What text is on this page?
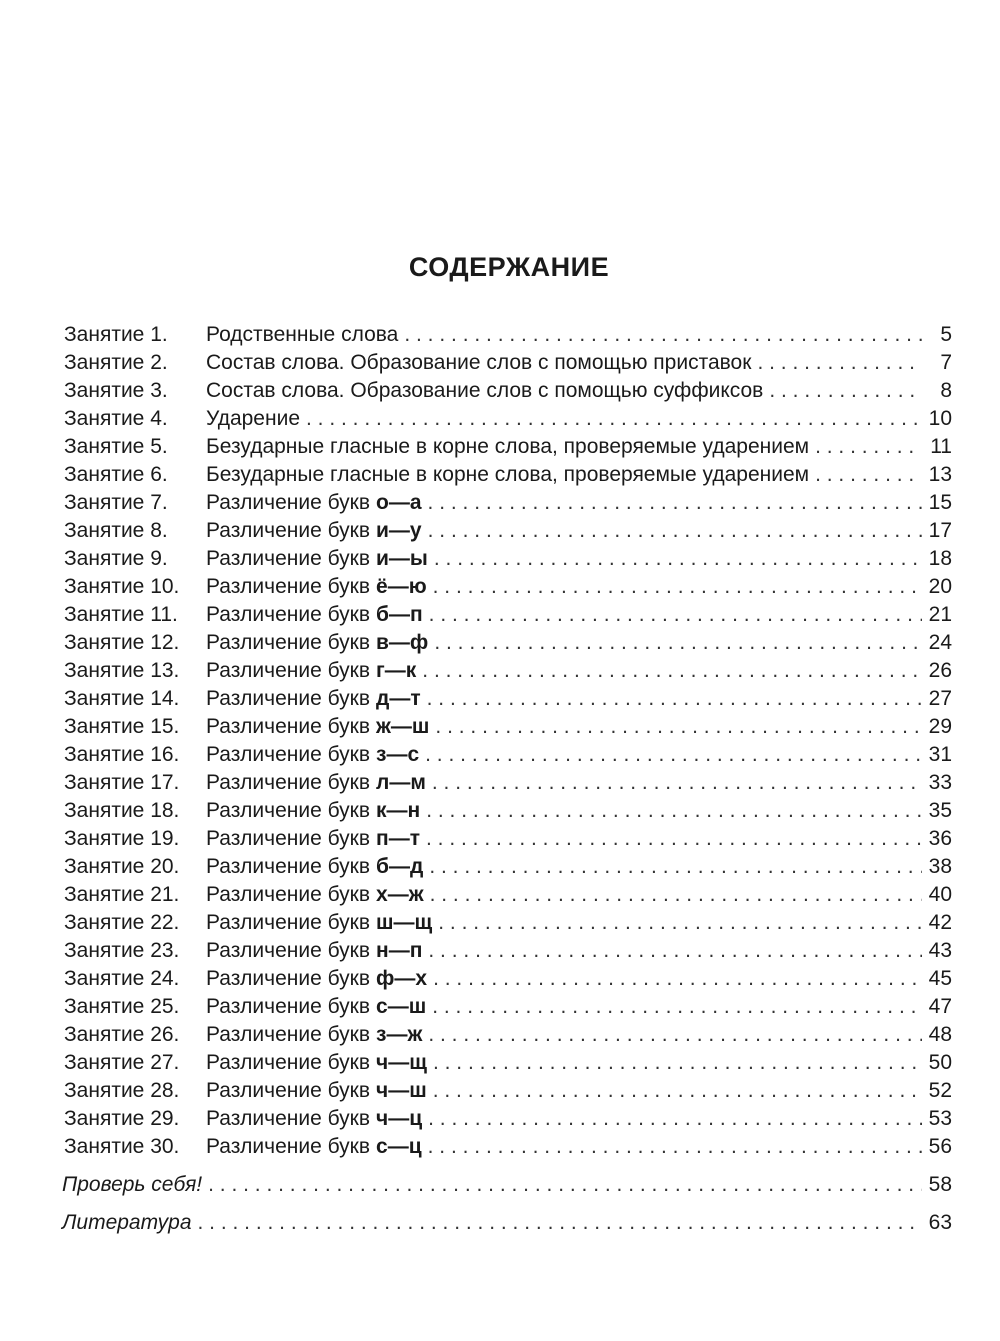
СОДЕРЖАНИЕ
Занятие 1.	Родственные слова . . .	5
Занятие 2.	Состав слова. Образование слов с помощью приставок . . .	7
Занятие 3.	Состав слова. Образование слов с помощью суффиксов . . .	8
Занятие 4.	Ударение . . .	10
Занятие 5.	Безударные гласные в корне слова, проверяемые ударением . . .	11
Занятие 6.	Безударные гласные в корне слова, проверяемые ударением . . .	13
Занятие 7.	Различение букв о—а . . .	15
Занятие 8.	Различение букв и—у . . .	17
Занятие 9.	Различение букв и—ы . . .	18
Занятие 10.	Различение букв ё—ю . . .	20
Занятие 11.	Различение букв б—п . . .	21
Занятие 12.	Различение букв в—ф . . .	24
Занятие 13.	Различение букв г—к . . .	26
Занятие 14.	Различение букв д—т . . .	27
Занятие 15.	Различение букв ж—ш . . .	29
Занятие 16.	Различение букв з—с . . .	31
Занятие 17.	Различение букв л—м . . .	33
Занятие 18.	Различение букв к—н . . .	35
Занятие 19.	Различение букв п—т . . .	36
Занятие 20.	Различение букв б—д . . .	38
Занятие 21.	Различение букв х—ж . . .	40
Занятие 22.	Различение букв ш—щ . . .	42
Занятие 23.	Различение букв н—п . . .	43
Занятие 24.	Различение букв ф—х . . .	45
Занятие 25.	Различение букв с—ш . . .	47
Занятие 26.	Различение букв з—ж . . .	48
Занятие 27.	Различение букв ч—щ . . .	50
Занятие 28.	Различение букв ч—ш . . .	52
Занятие 29.	Различение букв ч—ц . . .	53
Занятие 30.	Различение букв с—ц . . .	56
Проверь себя! . . .	58
Литература . . .	63
